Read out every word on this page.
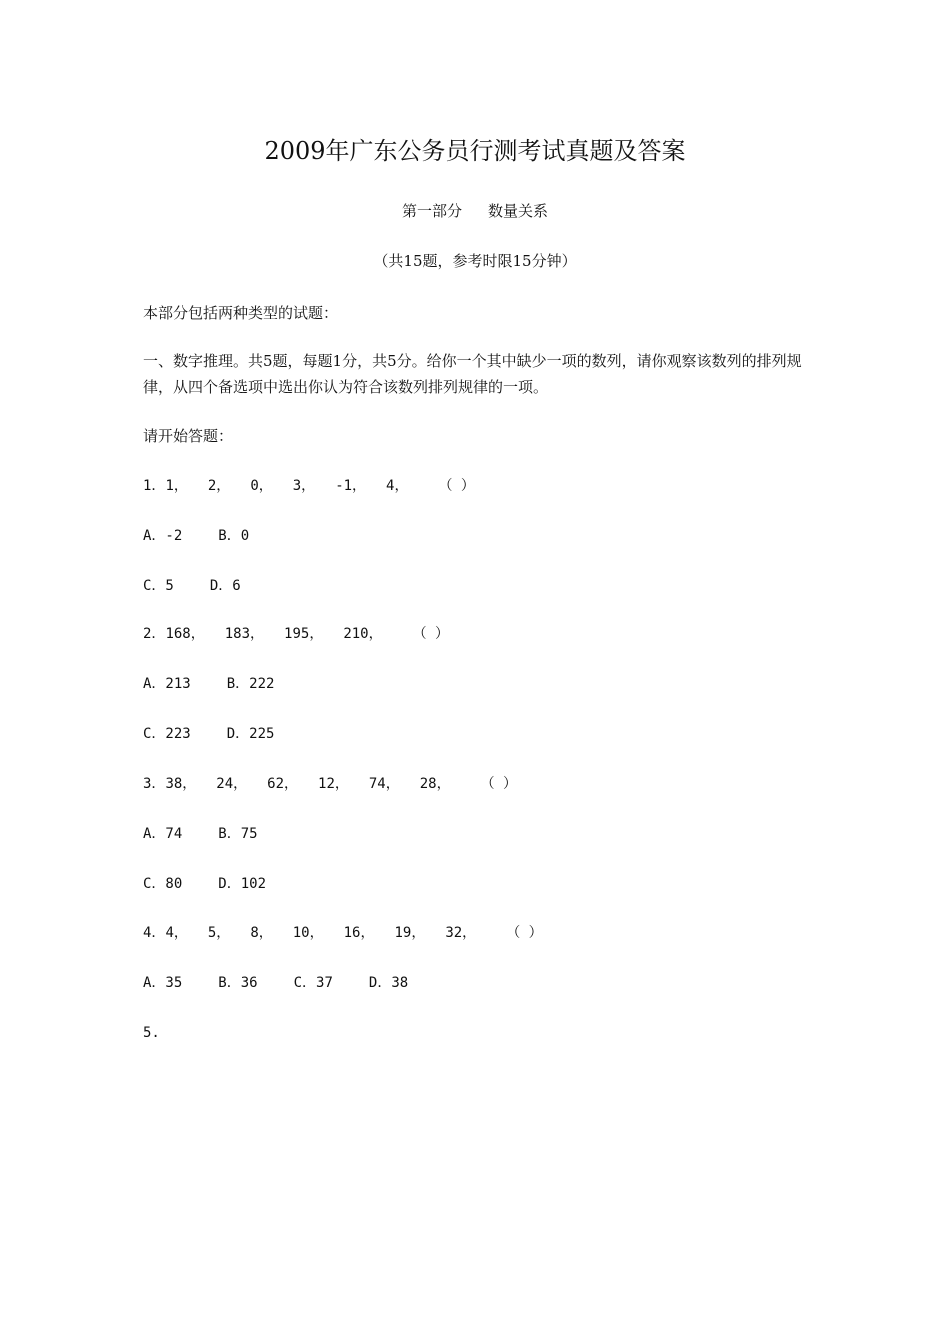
2009年广东公务员行测考试真题及答案
第一部分 数量关系
（共15题，参考时限15分钟）
本部分包括两种类型的试题：
一、数字推理。共5题，每题1分，共5分。给你一个其中缺少一项的数列，请你观察该数列的排列规律，从四个备选项中选出你认为符合该数列排列规律的一项。
请开始答题：
1．1， 2， 0， 3， -1， 4， （ ）
A．-2	B．0
C．5	D．6
2．168， 183， 195， 210， （ ）
A．213	B．222
C．223	D．225
3．38， 24， 62， 12， 74， 28， （ ）
A．74	B．75
C．80	D．102
4．4， 5， 8， 10， 16， 19， 32， （ ）
A．35	B．36	C．37	D．38
5.
